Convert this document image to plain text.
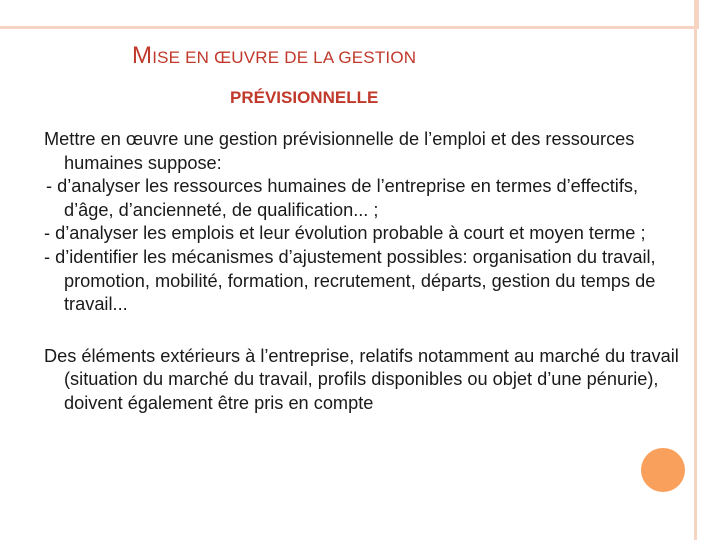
MISE EN ŒUVRE DE LA GESTION
PRÉVISIONNELLE

Mettre en œuvre une gestion prévisionnelle de l’emploi et des ressources humaines suppose:

- d’analyser les ressources humaines de l’entreprise en termes d’effectifs, d’âge, d’ancienneté, de qualification... ;

- d’analyser les emplois et leur évolution probable à court et moyen terme ;

- d’identifier les mécanismes d’ajustement possibles: organisation du travail, promotion, mobilité, formation, recrutement, départs, gestion du temps de travail...

Des éléments extérieurs à l’entreprise, relatifs notamment au marché du travail (situation du marché du travail, profils disponibles ou objet d’une pénurie), doivent également être pris en compte
